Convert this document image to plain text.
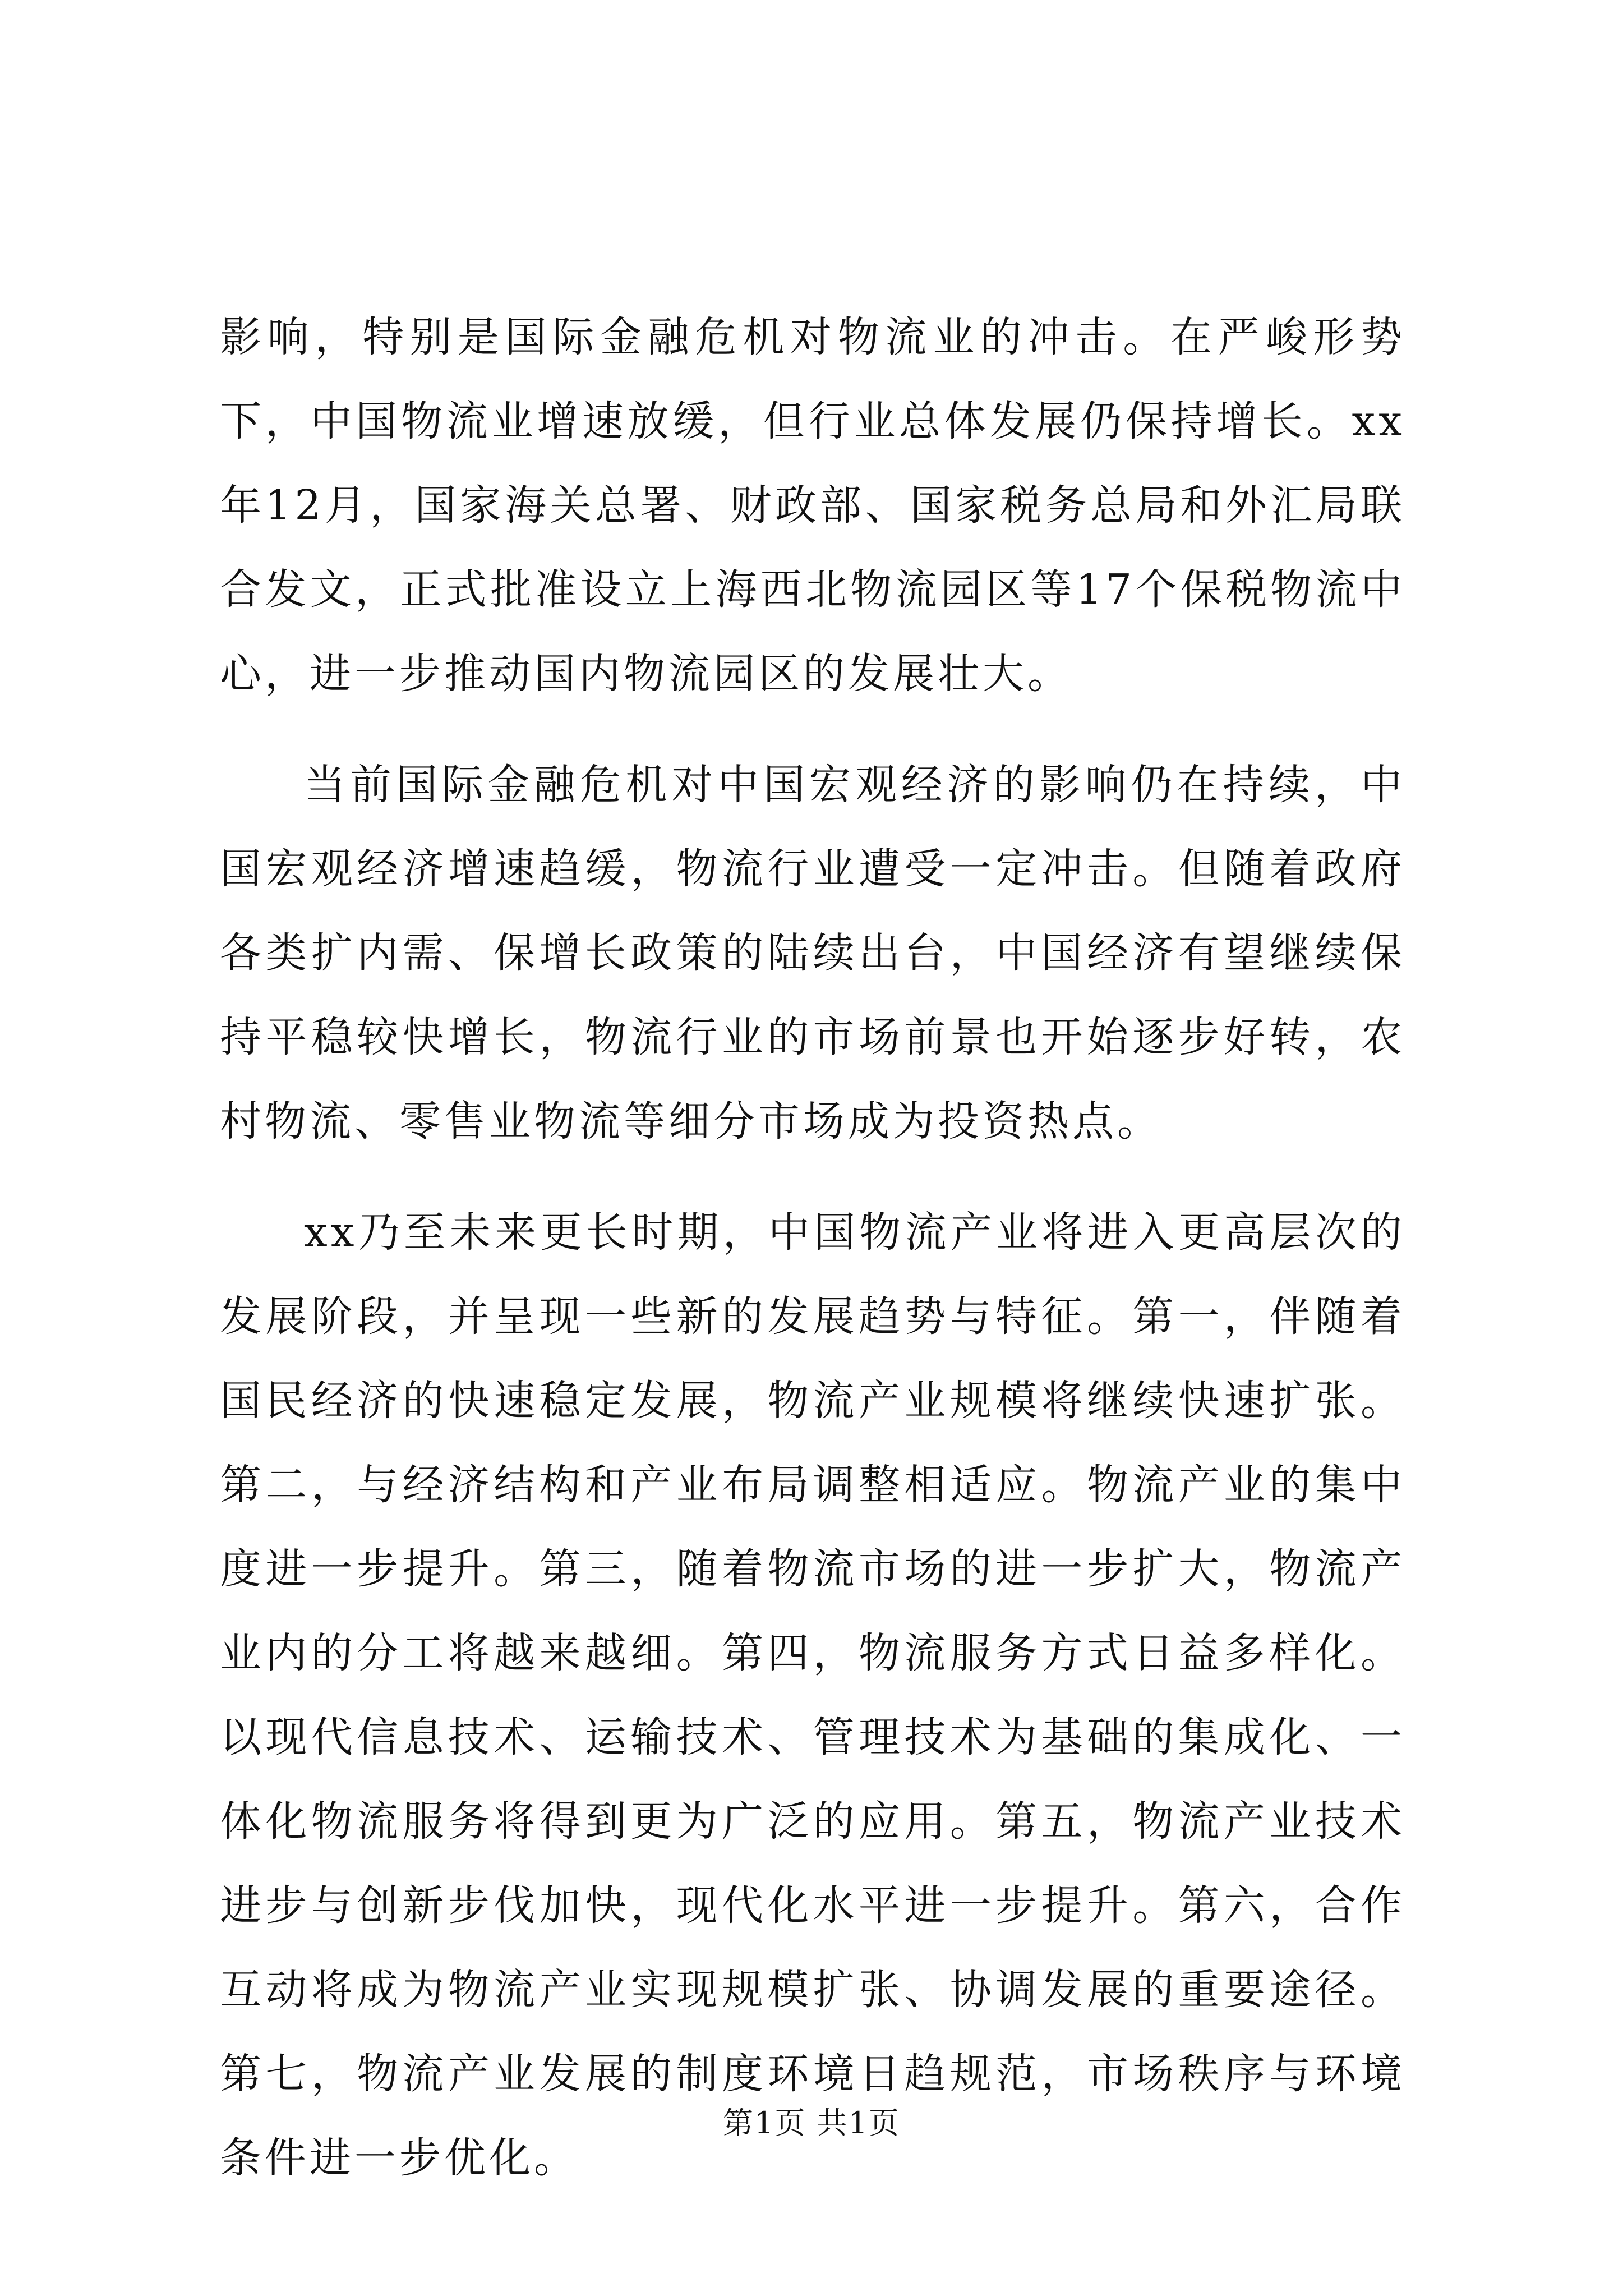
影响，特别是国际金融危机对物流业的冲击。在严峻形势下，中国物流业增速放缓，但行业总体发展仍保持增长。xx年12月，国家海关总署、财政部、国家税务总局和外汇局联合发文，正式批准设立上海西北物流园区等17个保税物流中心，进一步推动国内物流园区的发展壮大。

当前国际金融危机对中国宏观经济的影响仍在持续，中国宏观经济增速趋缓，物流行业遭受一定冲击。但随着政府各类扩内需、保增长政策的陆续出台，中国经济有望继续保持平稳较快增长，物流行业的市场前景也开始逐步好转，农村物流、零售业物流等细分市场成为投资热点。

xx乃至未来更长时期，中国物流产业将进入更高层次的发展阶段，并呈现一些新的发展趋势与特征。第一，伴随着国民经济的快速稳定发展，物流产业规模将继续快速扩张。第二，与经济结构和产业布局调整相适应。物流产业的集中度进一步提升。第三，随着物流市场的进一步扩大，物流产业内的分工将越来越细。第四，物流服务方式日益多样化。以现代信息技术、运输技术、管理技术为基础的集成化、一体化物流服务将得到更为广泛的应用。第五，物流产业技术进步与创新步伐加快，现代化水平进一步提升。第六，合作互动将成为物流产业实现规模扩张、协调发展的重要途径。第七，物流产业发展的制度环境日趋规范，市场秩序与环境条件进一步优化。

第1页 共1页
